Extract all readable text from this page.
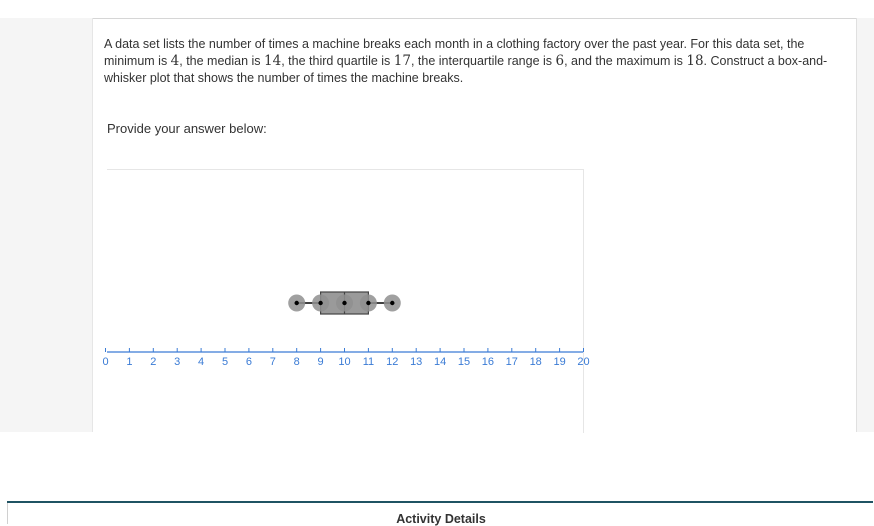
A data set lists the number of times a machine breaks each month in a clothing factory over the past year. For this data set, the minimum is 4, the median is 14, the third quartile is 17, the interquartile range is 6, and the maximum is 18. Construct a box-and-whisker plot that shows the number of times the machine breaks.

Provide your answer below:

0 1 2 3 4 5 6 7 8 9 10 11 12 13 14 15 16 17 18 19 20
Activity Details
